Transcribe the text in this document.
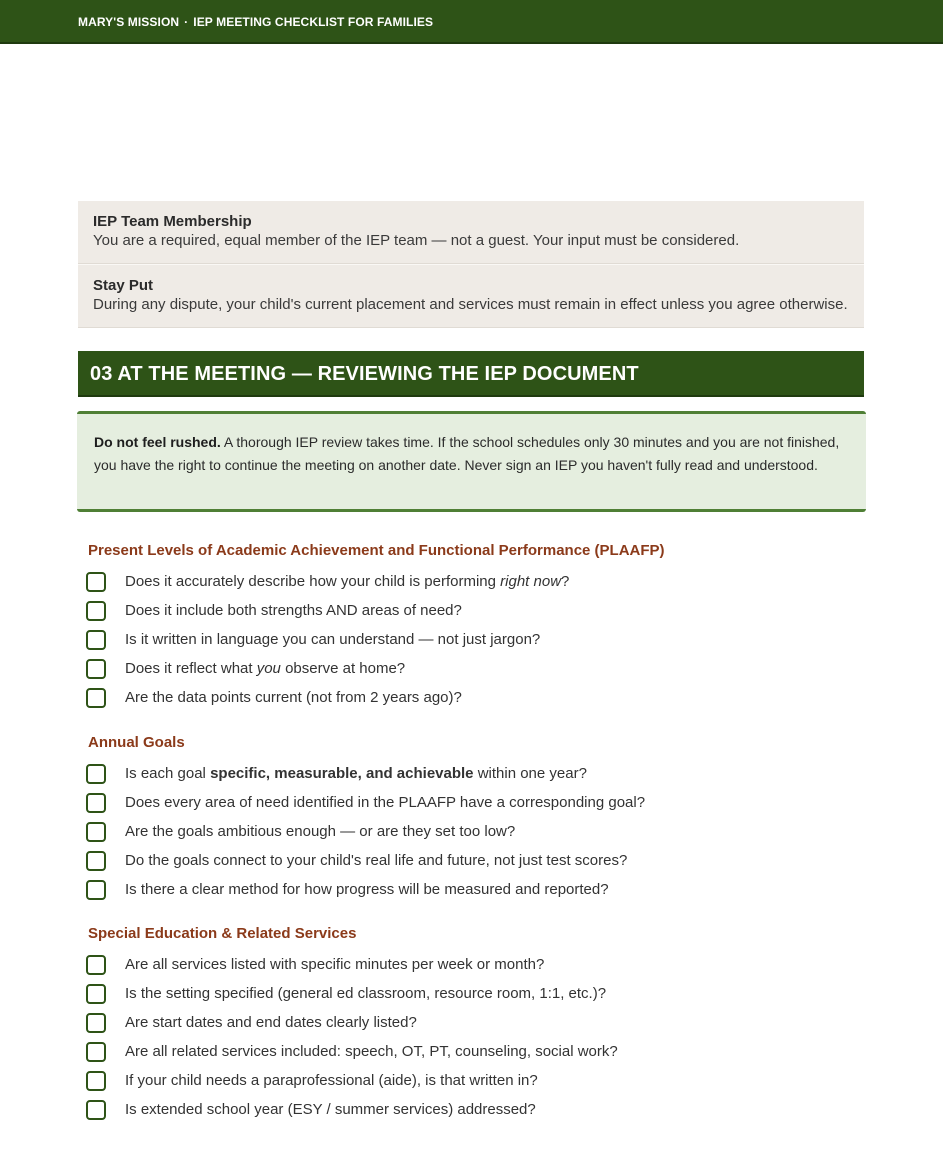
MARY'S MISSION · IEP MEETING CHECKLIST FOR FAMILIES
IEP Team Membership
You are a required, equal member of the IEP team — not a guest. Your input must be considered.
Stay Put
During any dispute, your child's current placement and services must remain in effect unless you agree otherwise.
03 AT THE MEETING — REVIEWING THE IEP DOCUMENT
Do not feel rushed. A thorough IEP review takes time. If the school schedules only 30 minutes and you are not finished, you have the right to continue the meeting on another date. Never sign an IEP you haven't fully read and understood.
Present Levels of Academic Achievement and Functional Performance (PLAAFP)
Does it accurately describe how your child is performing right now?
Does it include both strengths AND areas of need?
Is it written in language you can understand — not just jargon?
Does it reflect what you observe at home?
Are the data points current (not from 2 years ago)?
Annual Goals
Is each goal specific, measurable, and achievable within one year?
Does every area of need identified in the PLAAFP have a corresponding goal?
Are the goals ambitious enough — or are they set too low?
Do the goals connect to your child's real life and future, not just test scores?
Is there a clear method for how progress will be measured and reported?
Special Education & Related Services
Are all services listed with specific minutes per week or month?
Is the setting specified (general ed classroom, resource room, 1:1, etc.)?
Are start dates and end dates clearly listed?
Are all related services included: speech, OT, PT, counseling, social work?
If your child needs a paraprofessional (aide), is that written in?
Is extended school year (ESY / summer services) addressed?
